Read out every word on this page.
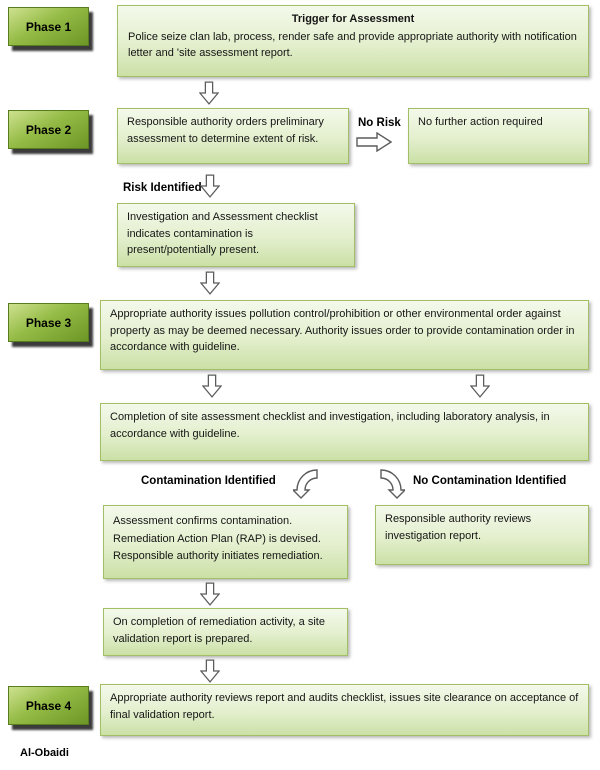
Phase 1
Phase 2
Phase 3
Phase 4
Trigger for Assessment
Police seize clan lab, process, render safe and provide appropriate authority with notification letter and 'site assessment report.
Responsible authority orders preliminary assessment to determine extent of risk.
No Risk No further action required
Risk Identified
Investigation and Assessment checklist indicates contamination is present/potentially present.
Appropriate authority issues pollution control/prohibition or other environmental order against property as may be deemed necessary. Authority issues order to provide contamination order in accordance with guideline.
Completion of site assessment checklist and investigation, including laboratory analysis, in accordance with guideline.
Contamination Identified	No Contamination Identified
Assessment confirms contamination. Remediation Action Plan (RAP) is devised. Responsible authority initiates remediation.
Responsible authority reviews investigation report.
On completion of remediation activity, a site validation report is prepared.
Appropriate authority reviews report and audits checklist, issues site clearance on acceptance of final validation report.
Al-Obaidi
